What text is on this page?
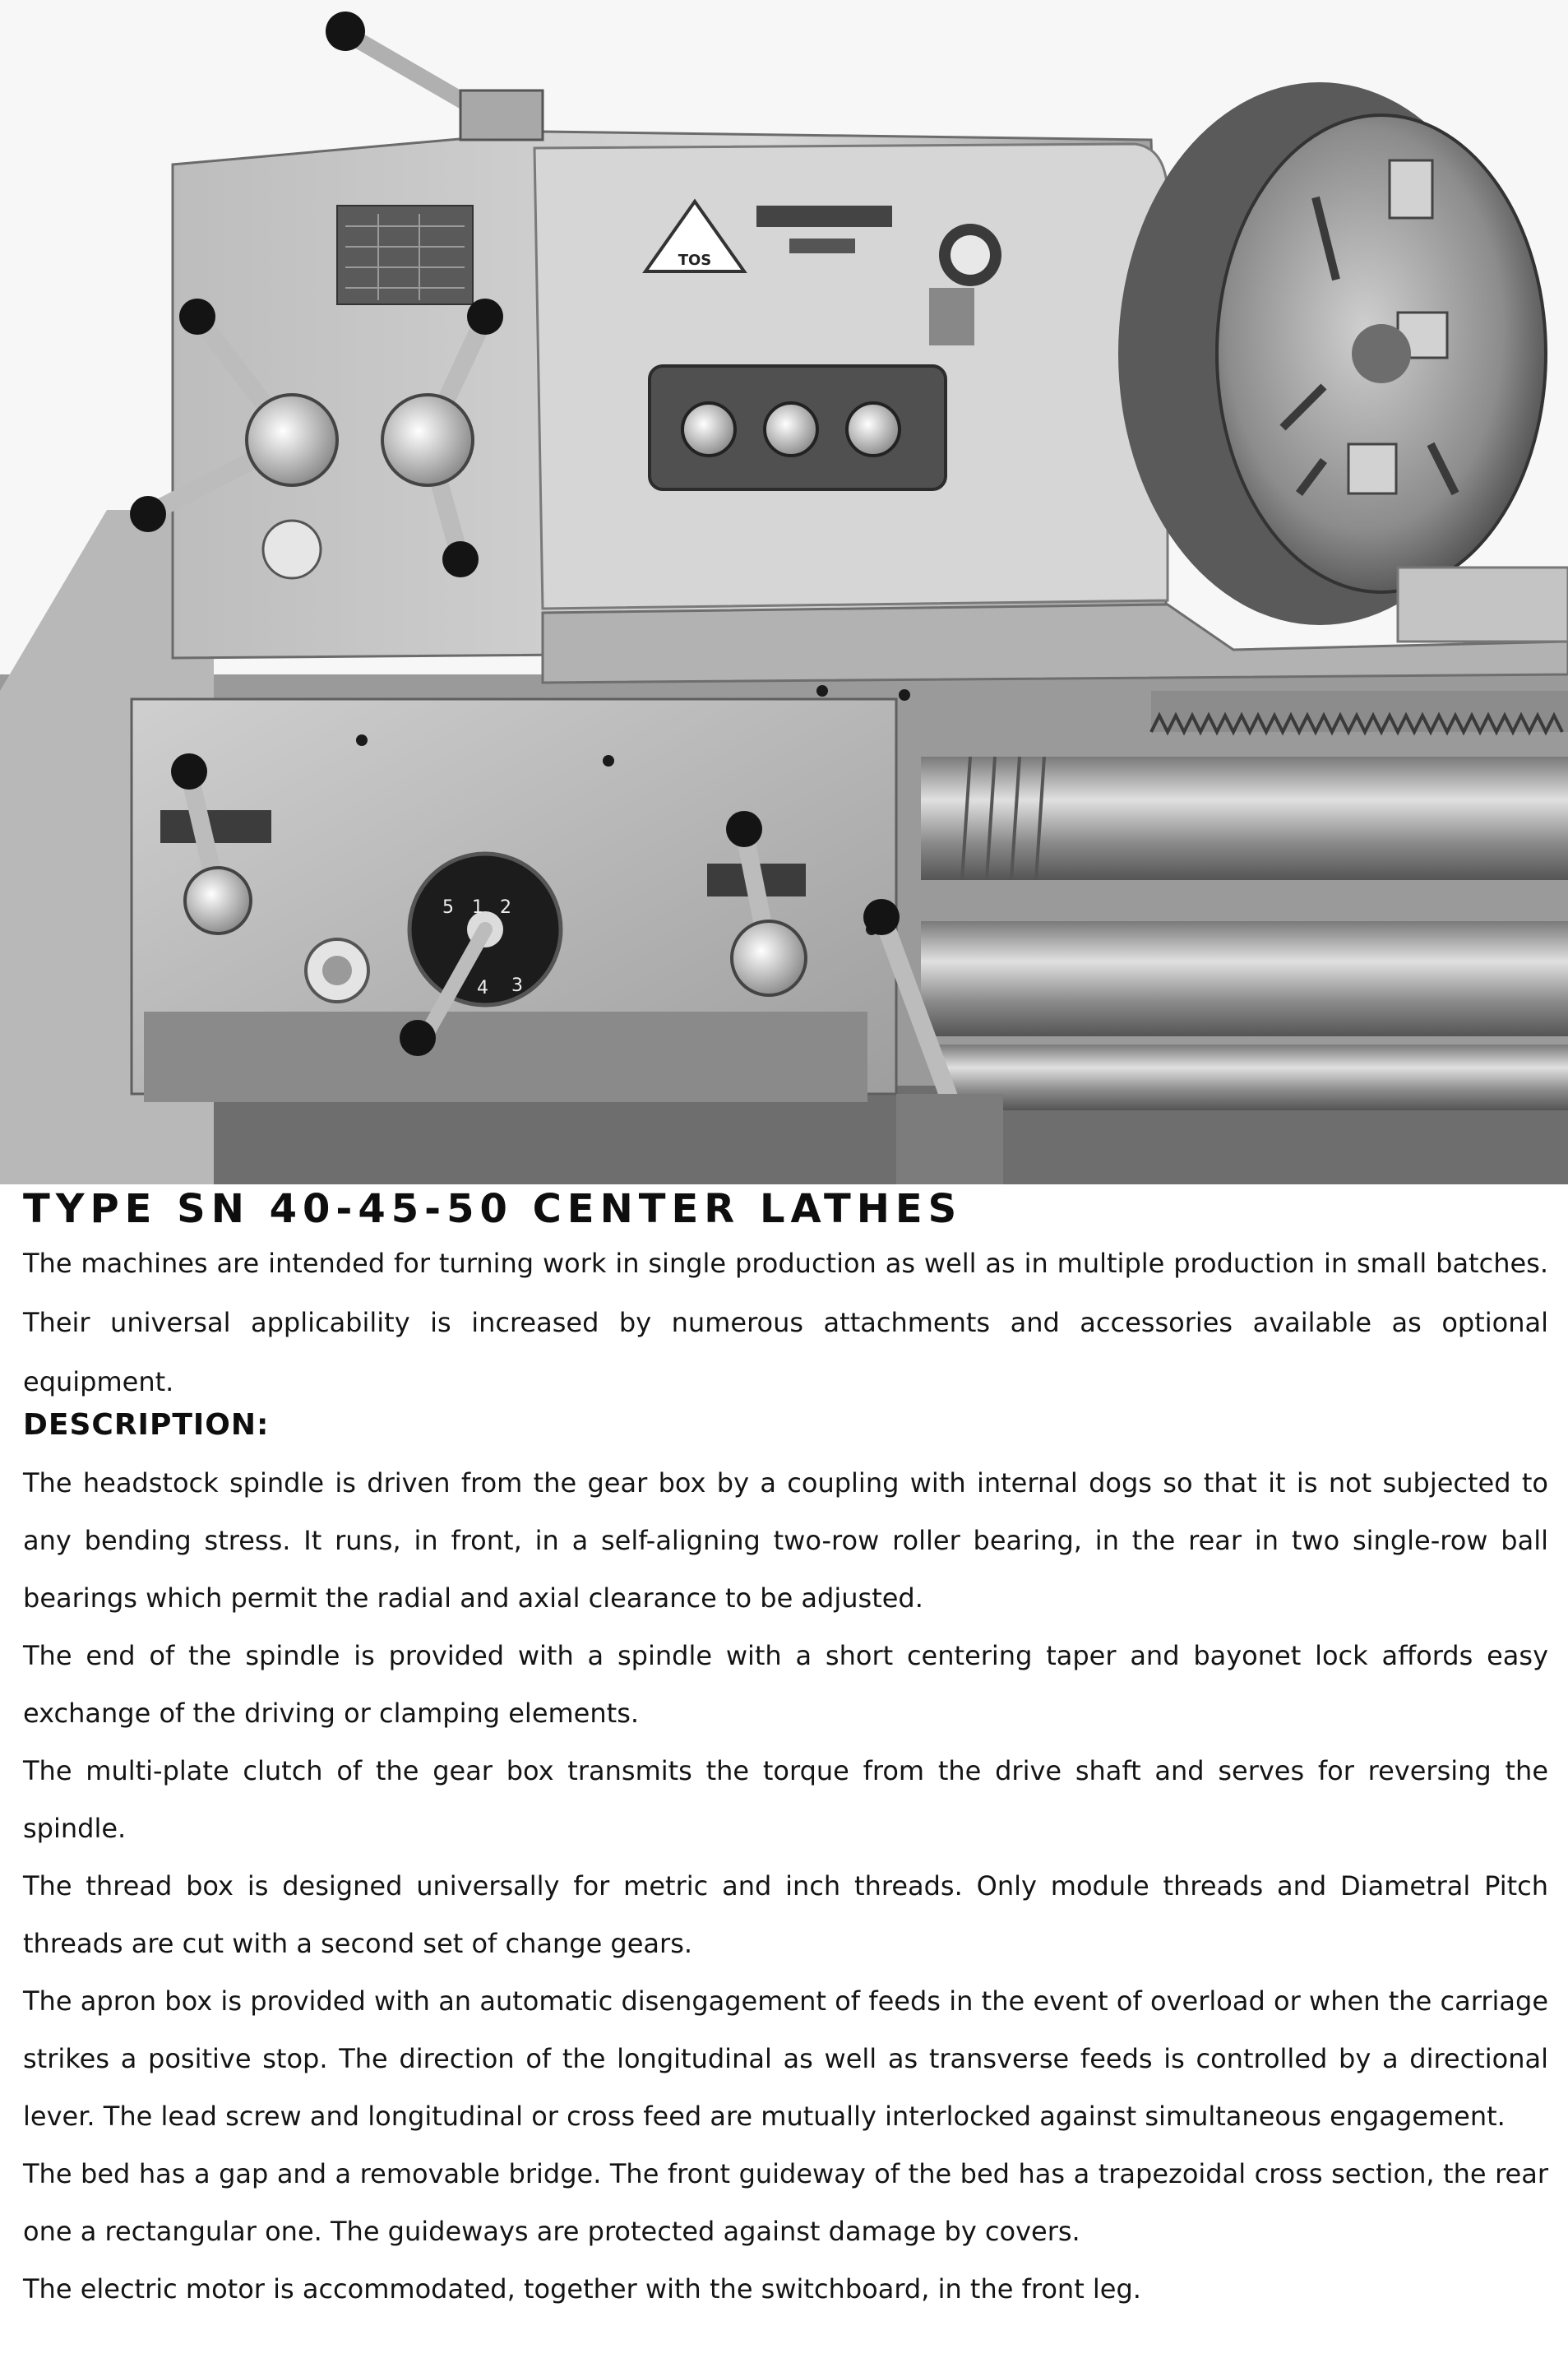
TOS
5 1 2
4 3
TYPE SN 40-45-50 CENTER LATHES

The machines are intended for turning work in single production as well as in multiple production in small batches. Their universal applicability is increased by numerous attachments and accessories available as optional equipment.

DESCRIPTION:

The headstock spindle is driven from the gear box by a coupling with internal dogs so that it is not subjected to any bending stress. It runs, in front, in a self-aligning two-row roller bearing, in the rear in two single-row ball bearings which permit the radial and axial clearance to be adjusted.

The end of the spindle is provided with a spindle with a short centering taper and bayonet lock affords easy exchange of the driving or clamping elements.

The multi-plate clutch of the gear box transmits the torque from the drive shaft and serves for reversing the spindle.

The thread box is designed universally for metric and inch threads. Only module threads and Diametral Pitch threads are cut with a second set of change gears.

The apron box is provided with an automatic disengagement of feeds in the event of overload or when the carriage strikes a positive stop. The direction of the longitudinal as well as transverse feeds is controlled by a directional lever. The lead screw and longitudinal or cross feed are mutually interlocked against simultaneous engagement.

The bed has a gap and a removable bridge. The front guideway of the bed has a trapezoidal cross section, the rear one a rectangular one. The guideways are protected against damage by covers.

The electric motor is accommodated, together with the switchboard, in the front leg.
